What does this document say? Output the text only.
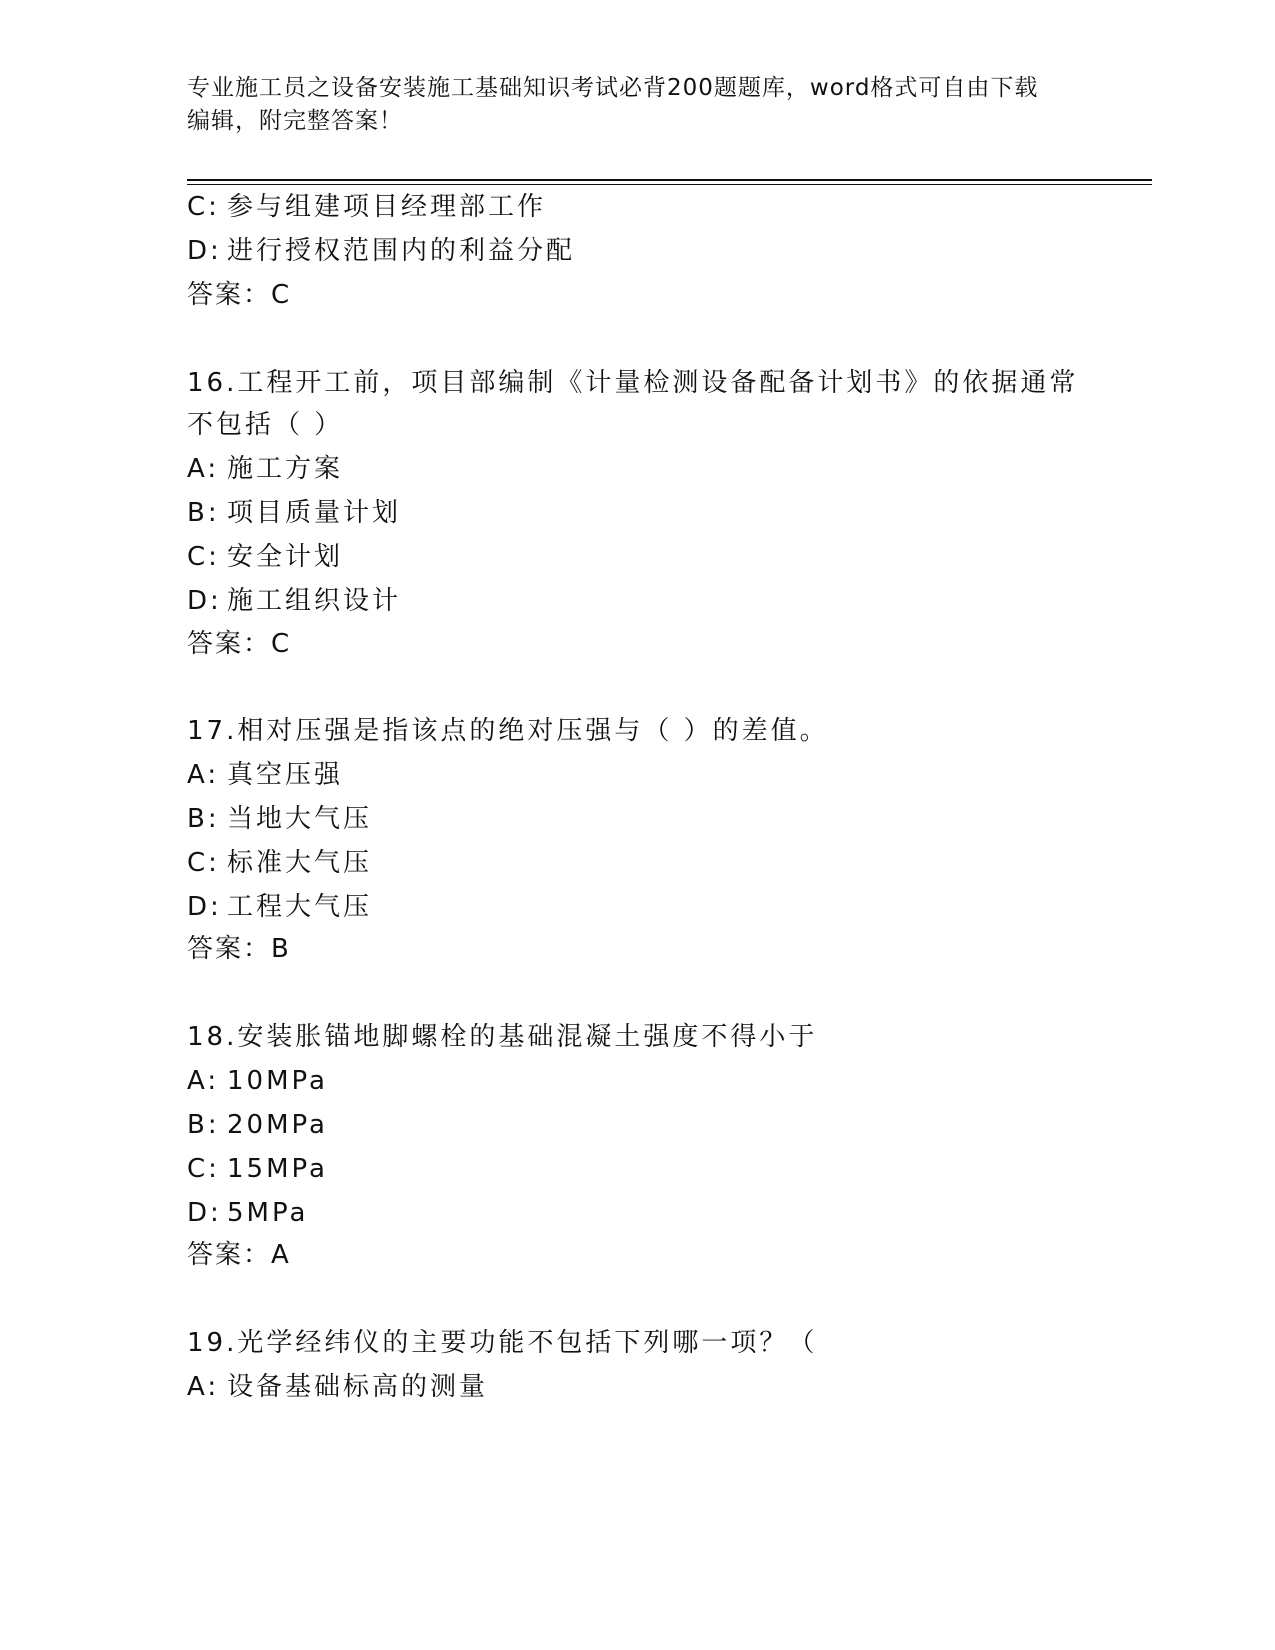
专业施工员之设备安装施工基础知识考试必背200题题库，word格式可自由下载
编辑，附完整答案！
C: 参与组建项目经理部工作
D: 进行授权范围内的利益分配
答案：C
16.工程开工前，项目部编制《计量检测设备配备计划书》的依据通常
不包括（ ）
A: 施工方案
B: 项目质量计划
C: 安全计划
D: 施工组织设计
答案：C
17.相对压强是指该点的绝对压强与（ ）的差值。
A: 真空压强
B: 当地大气压
C: 标准大气压
D: 工程大气压
答案：B
18.安装胀锚地脚螺栓的基础混凝土强度不得小于
A: 10MPa
B: 20MPa
C: 15MPa
D: 5MPa
答案：A
19.光学经纬仪的主要功能不包括下列哪一项？（
A: 设备基础标高的测量
